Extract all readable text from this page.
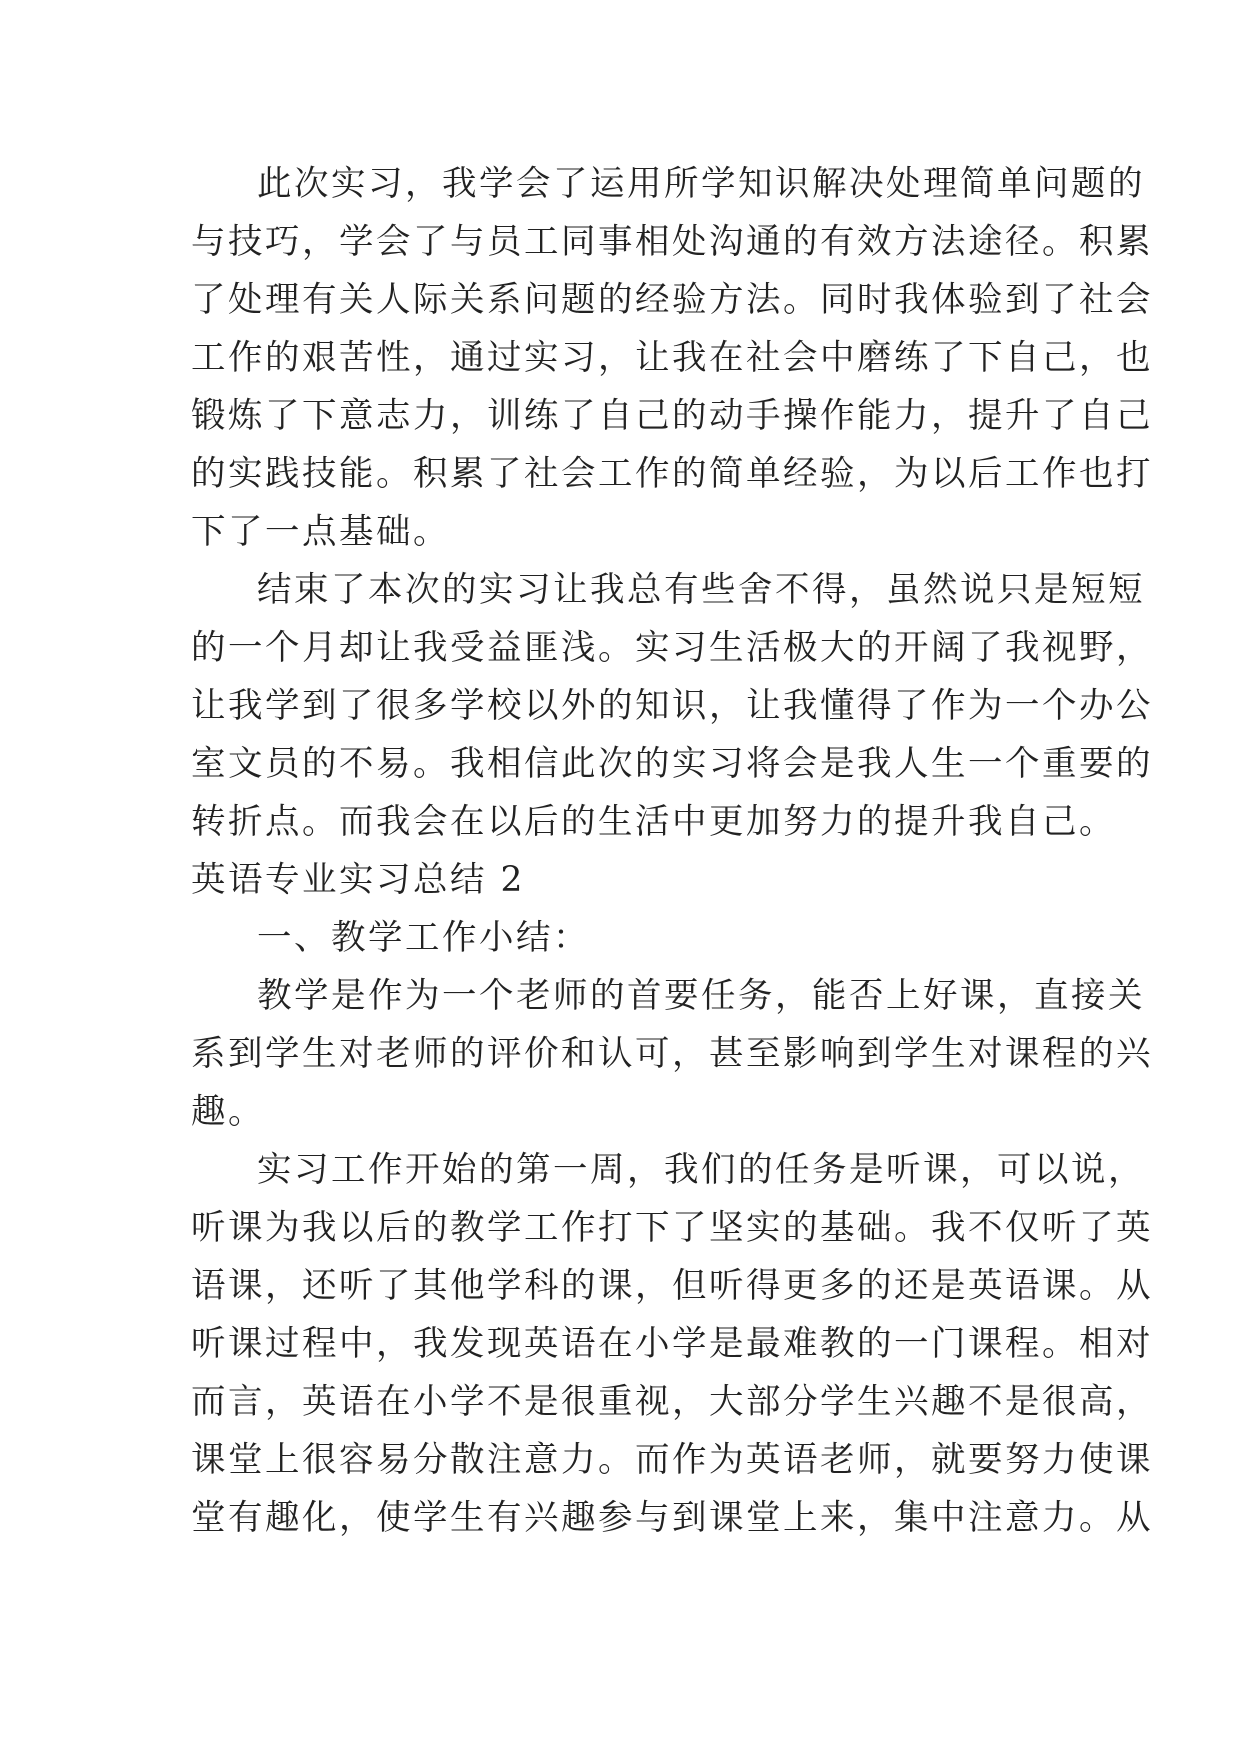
此次实习，我学会了运用所学知识解决处理简单问题的
与技巧，学会了与员工同事相处沟通的有效方法途径。积累
了处理有关人际关系问题的经验方法。同时我体验到了社会
工作的艰苦性，通过实习，让我在社会中磨练了下自己，也
锻炼了下意志力，训练了自己的动手操作能力，提升了自己
的实践技能。积累了社会工作的简单经验，为以后工作也打
下了一点基础。
结束了本次的实习让我总有些舍不得，虽然说只是短短
的一个月却让我受益匪浅。实习生活极大的开阔了我视野，
让我学到了很多学校以外的知识，让我懂得了作为一个办公
室文员的不易。我相信此次的实习将会是我人生一个重要的
转折点。而我会在以后的生活中更加努力的提升我自己。
英语专业实习总结 2
一、教学工作小结：
教学是作为一个老师的首要任务，能否上好课，直接关
系到学生对老师的评价和认可，甚至影响到学生对课程的兴
趣。
实习工作开始的第一周，我们的任务是听课，可以说，
听课为我以后的教学工作打下了坚实的基础。我不仅听了英
语课，还听了其他学科的课，但听得更多的还是英语课。从
听课过程中，我发现英语在小学是最难教的一门课程。相对
而言，英语在小学不是很重视，大部分学生兴趣不是很高，
课堂上很容易分散注意力。而作为英语老师，就要努力使课
堂有趣化，使学生有兴趣参与到课堂上来，集中注意力。从
